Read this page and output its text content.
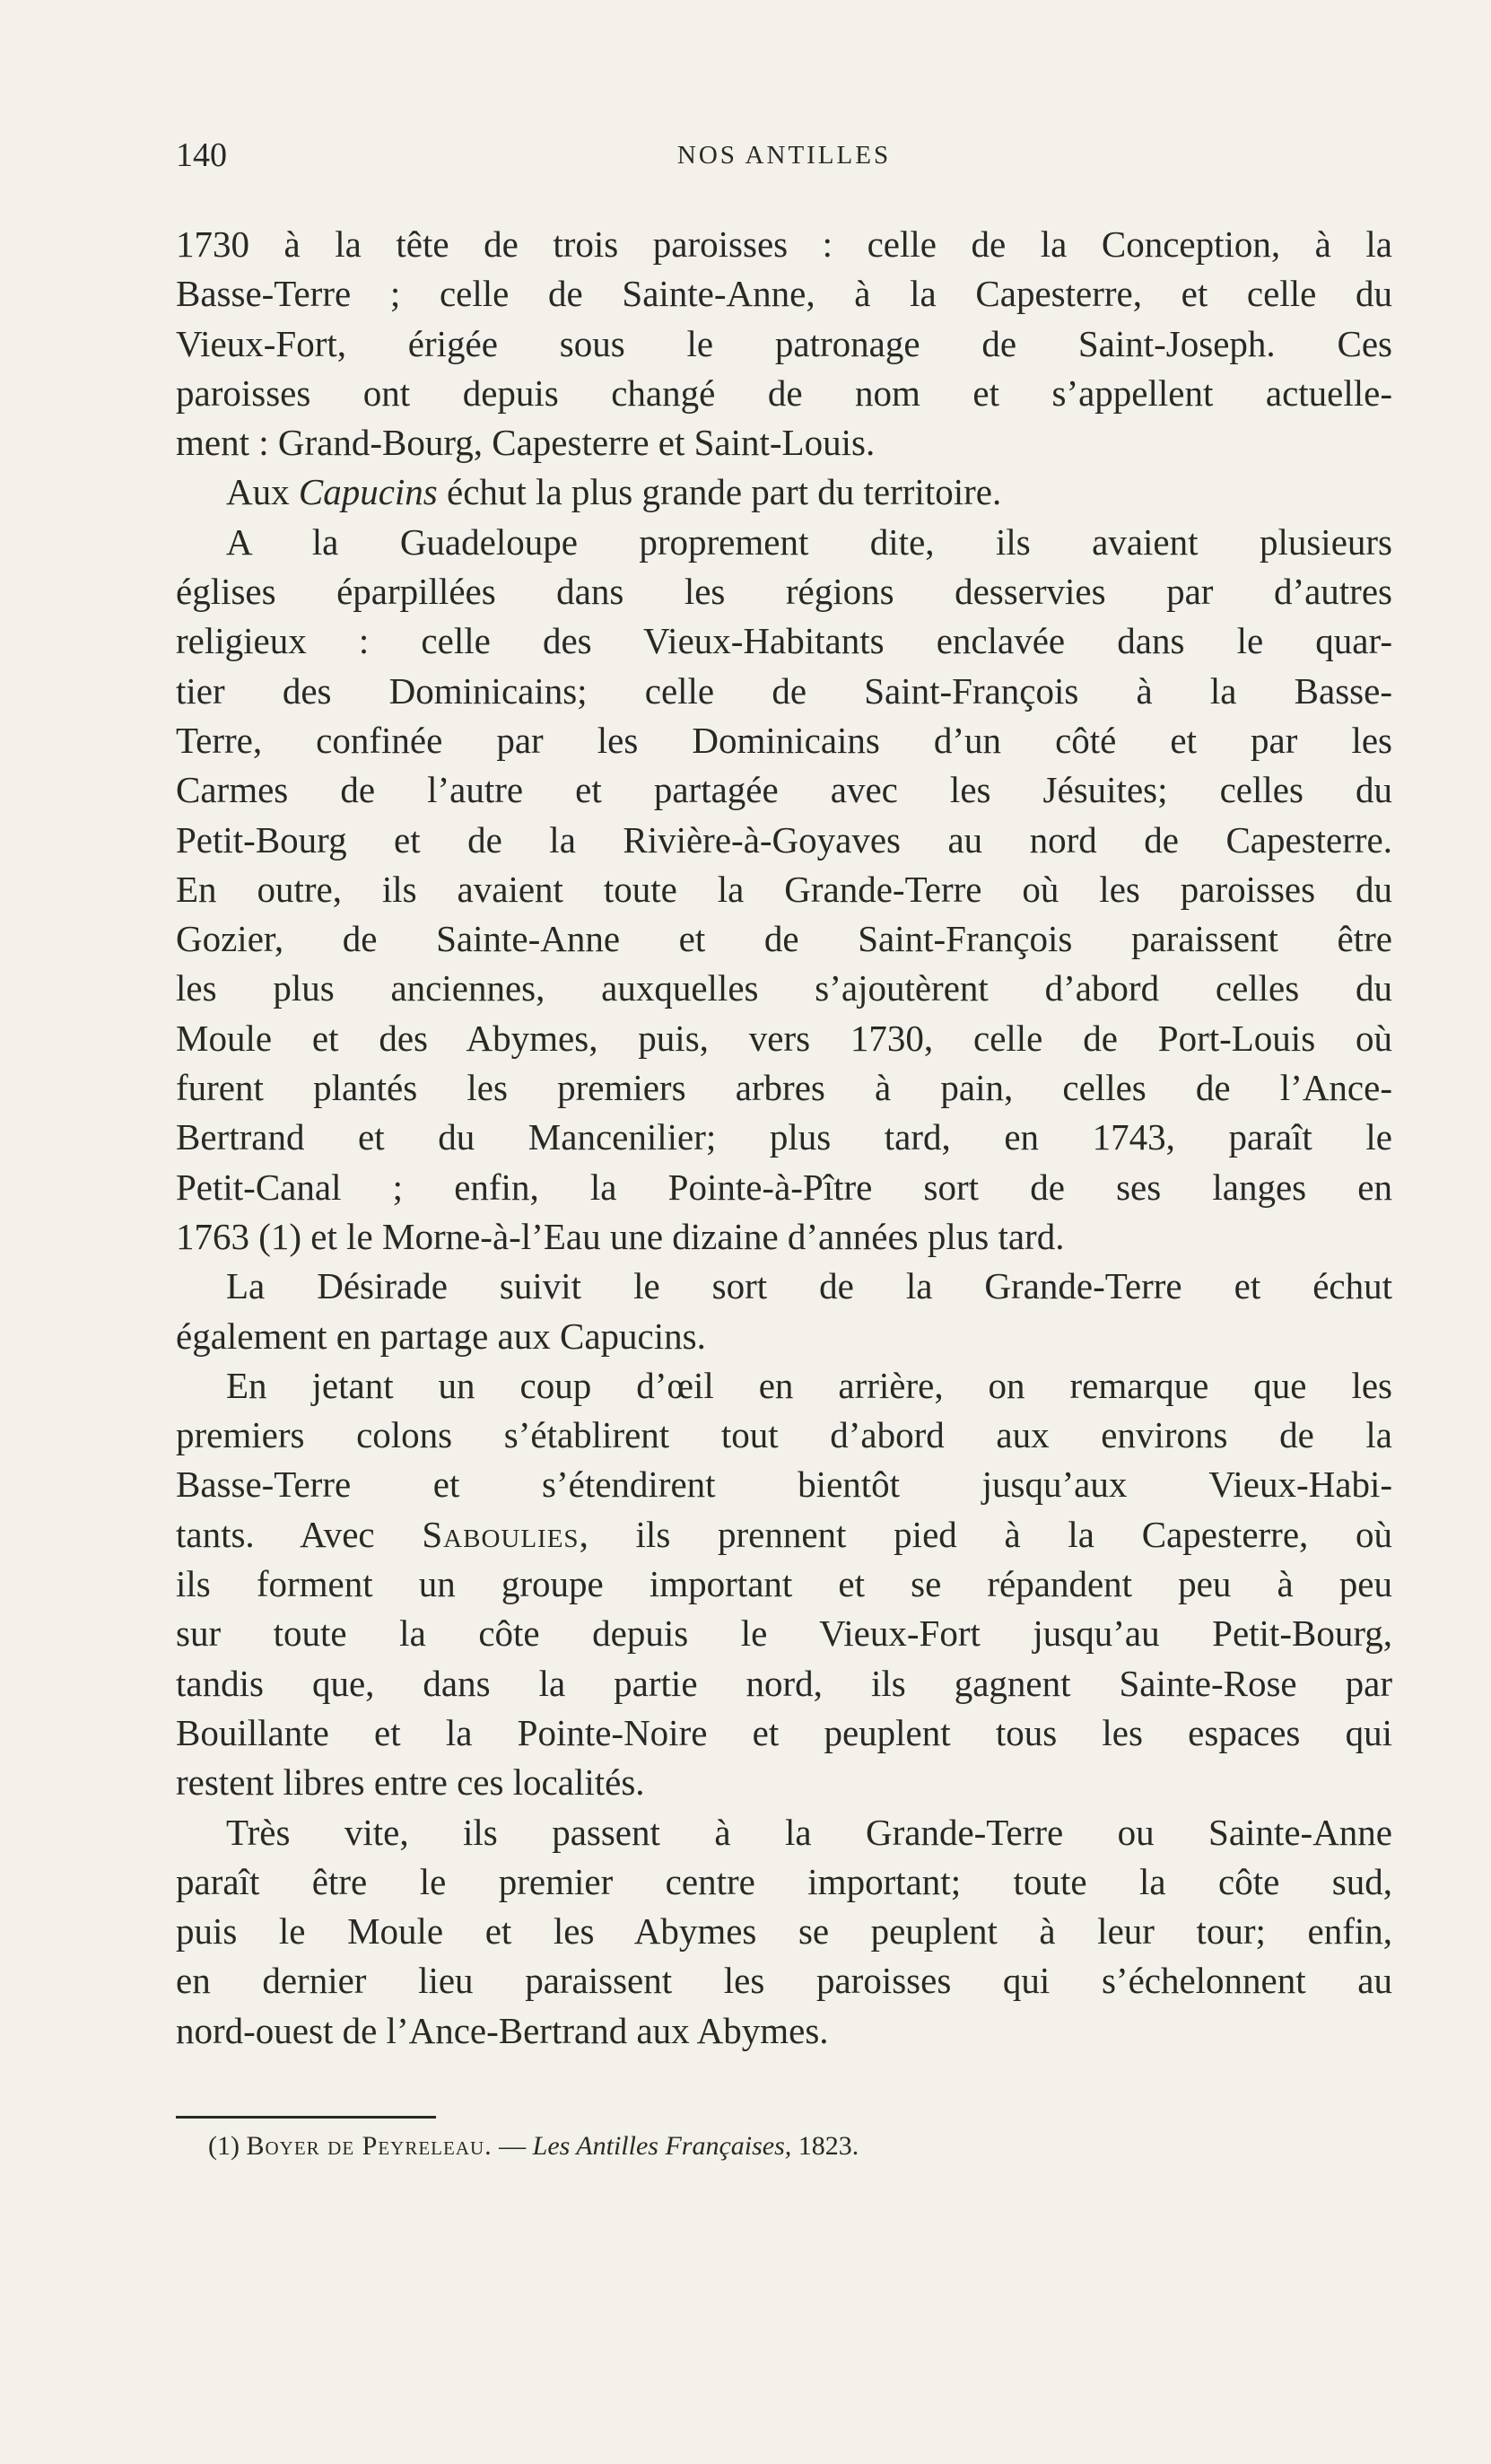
140	NOS ANTILLES
1730 à la tête de trois paroisses : celle de la Conception, à la
Basse-Terre ; celle de Sainte-Anne, à la Capesterre, et celle du
Vieux-Fort, érigée sous le patronage de Saint-Joseph. Ces
paroisses ont depuis changé de nom et s’appellent actuelle-
ment : Grand-Bourg, Capesterre et Saint-Louis.
Aux Capucins échut la plus grande part du territoire.
A la Guadeloupe proprement dite, ils avaient plusieurs
églises éparpillées dans les régions desservies par d’autres
religieux : celle des Vieux-Habitants enclavée dans le quar-
tier des Dominicains; celle de Saint-François à la Basse-
Terre, confinée par les Dominicains d’un côté et par les
Carmes de l’autre et partagée avec les Jésuites; celles du
Petit-Bourg et de la Rivière-à-Goyaves au nord de Capesterre.
En outre, ils avaient toute la Grande-Terre où les paroisses du
Gozier, de Sainte-Anne et de Saint-François paraissent être
les plus anciennes, auxquelles s’ajoutèrent d’abord celles du
Moule et des Abymes, puis, vers 1730, celle de Port-Louis où
furent plantés les premiers arbres à pain, celles de l’Ance-
Bertrand et du Mancenilier; plus tard, en 1743, paraît le
Petit-Canal ; enfin, la Pointe-à-Pître sort de ses langes en
1763 (1) et le Morne-à-l’Eau une dizaine d’années plus tard.
La Désirade suivit le sort de la Grande-Terre et échut
également en partage aux Capucins.
En jetant un coup d’œil en arrière, on remarque que les
premiers colons s’établirent tout d’abord aux environs de la
Basse-Terre et s’étendirent bientôt jusqu’aux Vieux-Habi-
tants. Avec Saboulies, ils prennent pied à la Capesterre, où
ils forment un groupe important et se répandent peu à peu
sur toute la côte depuis le Vieux-Fort jusqu’au Petit-Bourg,
tandis que, dans la partie nord, ils gagnent Sainte-Rose par
Bouillante et la Pointe-Noire et peuplent tous les espaces qui
restent libres entre ces localités.
Très vite, ils passent à la Grande-Terre ou Sainte-Anne
paraît être le premier centre important; toute la côte sud,
puis le Moule et les Abymes se peuplent à leur tour; enfin,
en dernier lieu paraissent les paroisses qui s’échelonnent au
nord-ouest de l’Ance-Bertrand aux Abymes.
(1) Boyer de Peyreleau. — Les Antilles Françaises, 1823.
